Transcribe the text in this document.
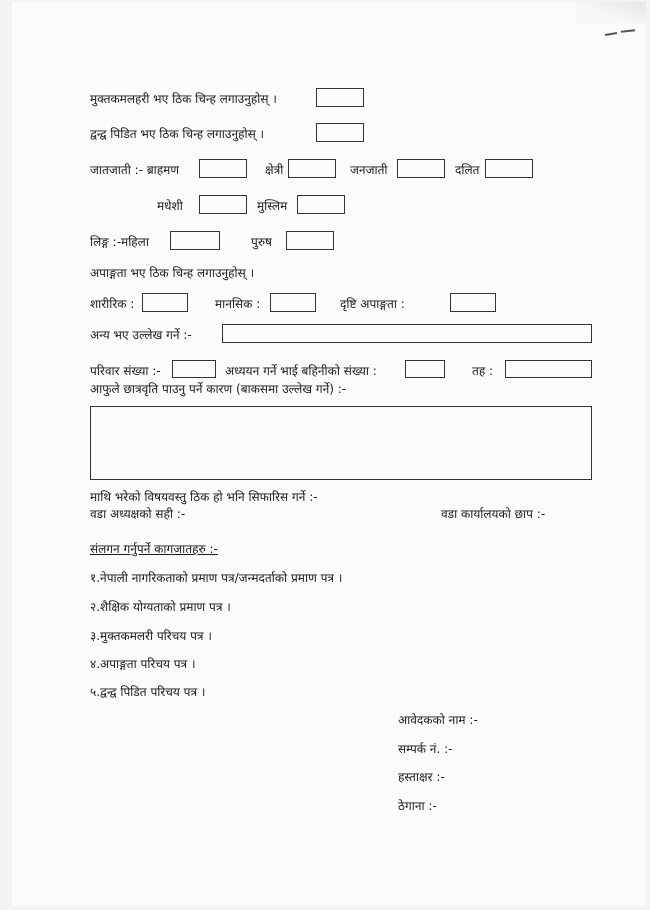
मुक्तकमलहरी भए ठिक चिन्ह लगाउनुहोस् ।
द्वन्द्व पिडित भए ठिक चिन्ह लगाउनुहोस् ।
जातजाती :- ब्राहमण	क्षेत्री	जनजाती	दलित
मधेशी	मुस्लिम
लिङ्ग :-महिला	पुरुष
अपाङ्गता भए ठिक चिन्ह लगाउनुहोस् ।
शारीरिक :	मानसिक :	दृष्टि अपाङ्गता :
अन्य भए उल्लेख गर्ने :-
परिवार संख्या :-	अध्ययन गर्ने भाई बहिनीको संख्या :	तह :
आफुले छात्रवृति पाउनु पर्ने कारण (बाकसमा उल्लेख गर्ने) :-
माथि भरेको विषयवस्तु ठिक हो भनि सिफारिस गर्ने :-
वडा अध्यक्षको सही :-	वडा कार्यालयको छाप :-
संलगन गर्नुपर्ने कागजातहरु :-
१.नेपाली नागरिकताको प्रमाण पत्र/जन्मदर्ताको प्रमाण पत्र ।
२.शैक्षिक योग्यताको प्रमाण पत्र ।
३.मुक्तकमलरी परिचय पत्र ।
४.अपाङ्गता परिचय पत्र ।
५.द्वन्द्व पिडित परिचय पत्र ।
आवेदकको नाम :-
सम्पर्क नं. :-
हस्ताक्षर :-
ठेगाना :-
